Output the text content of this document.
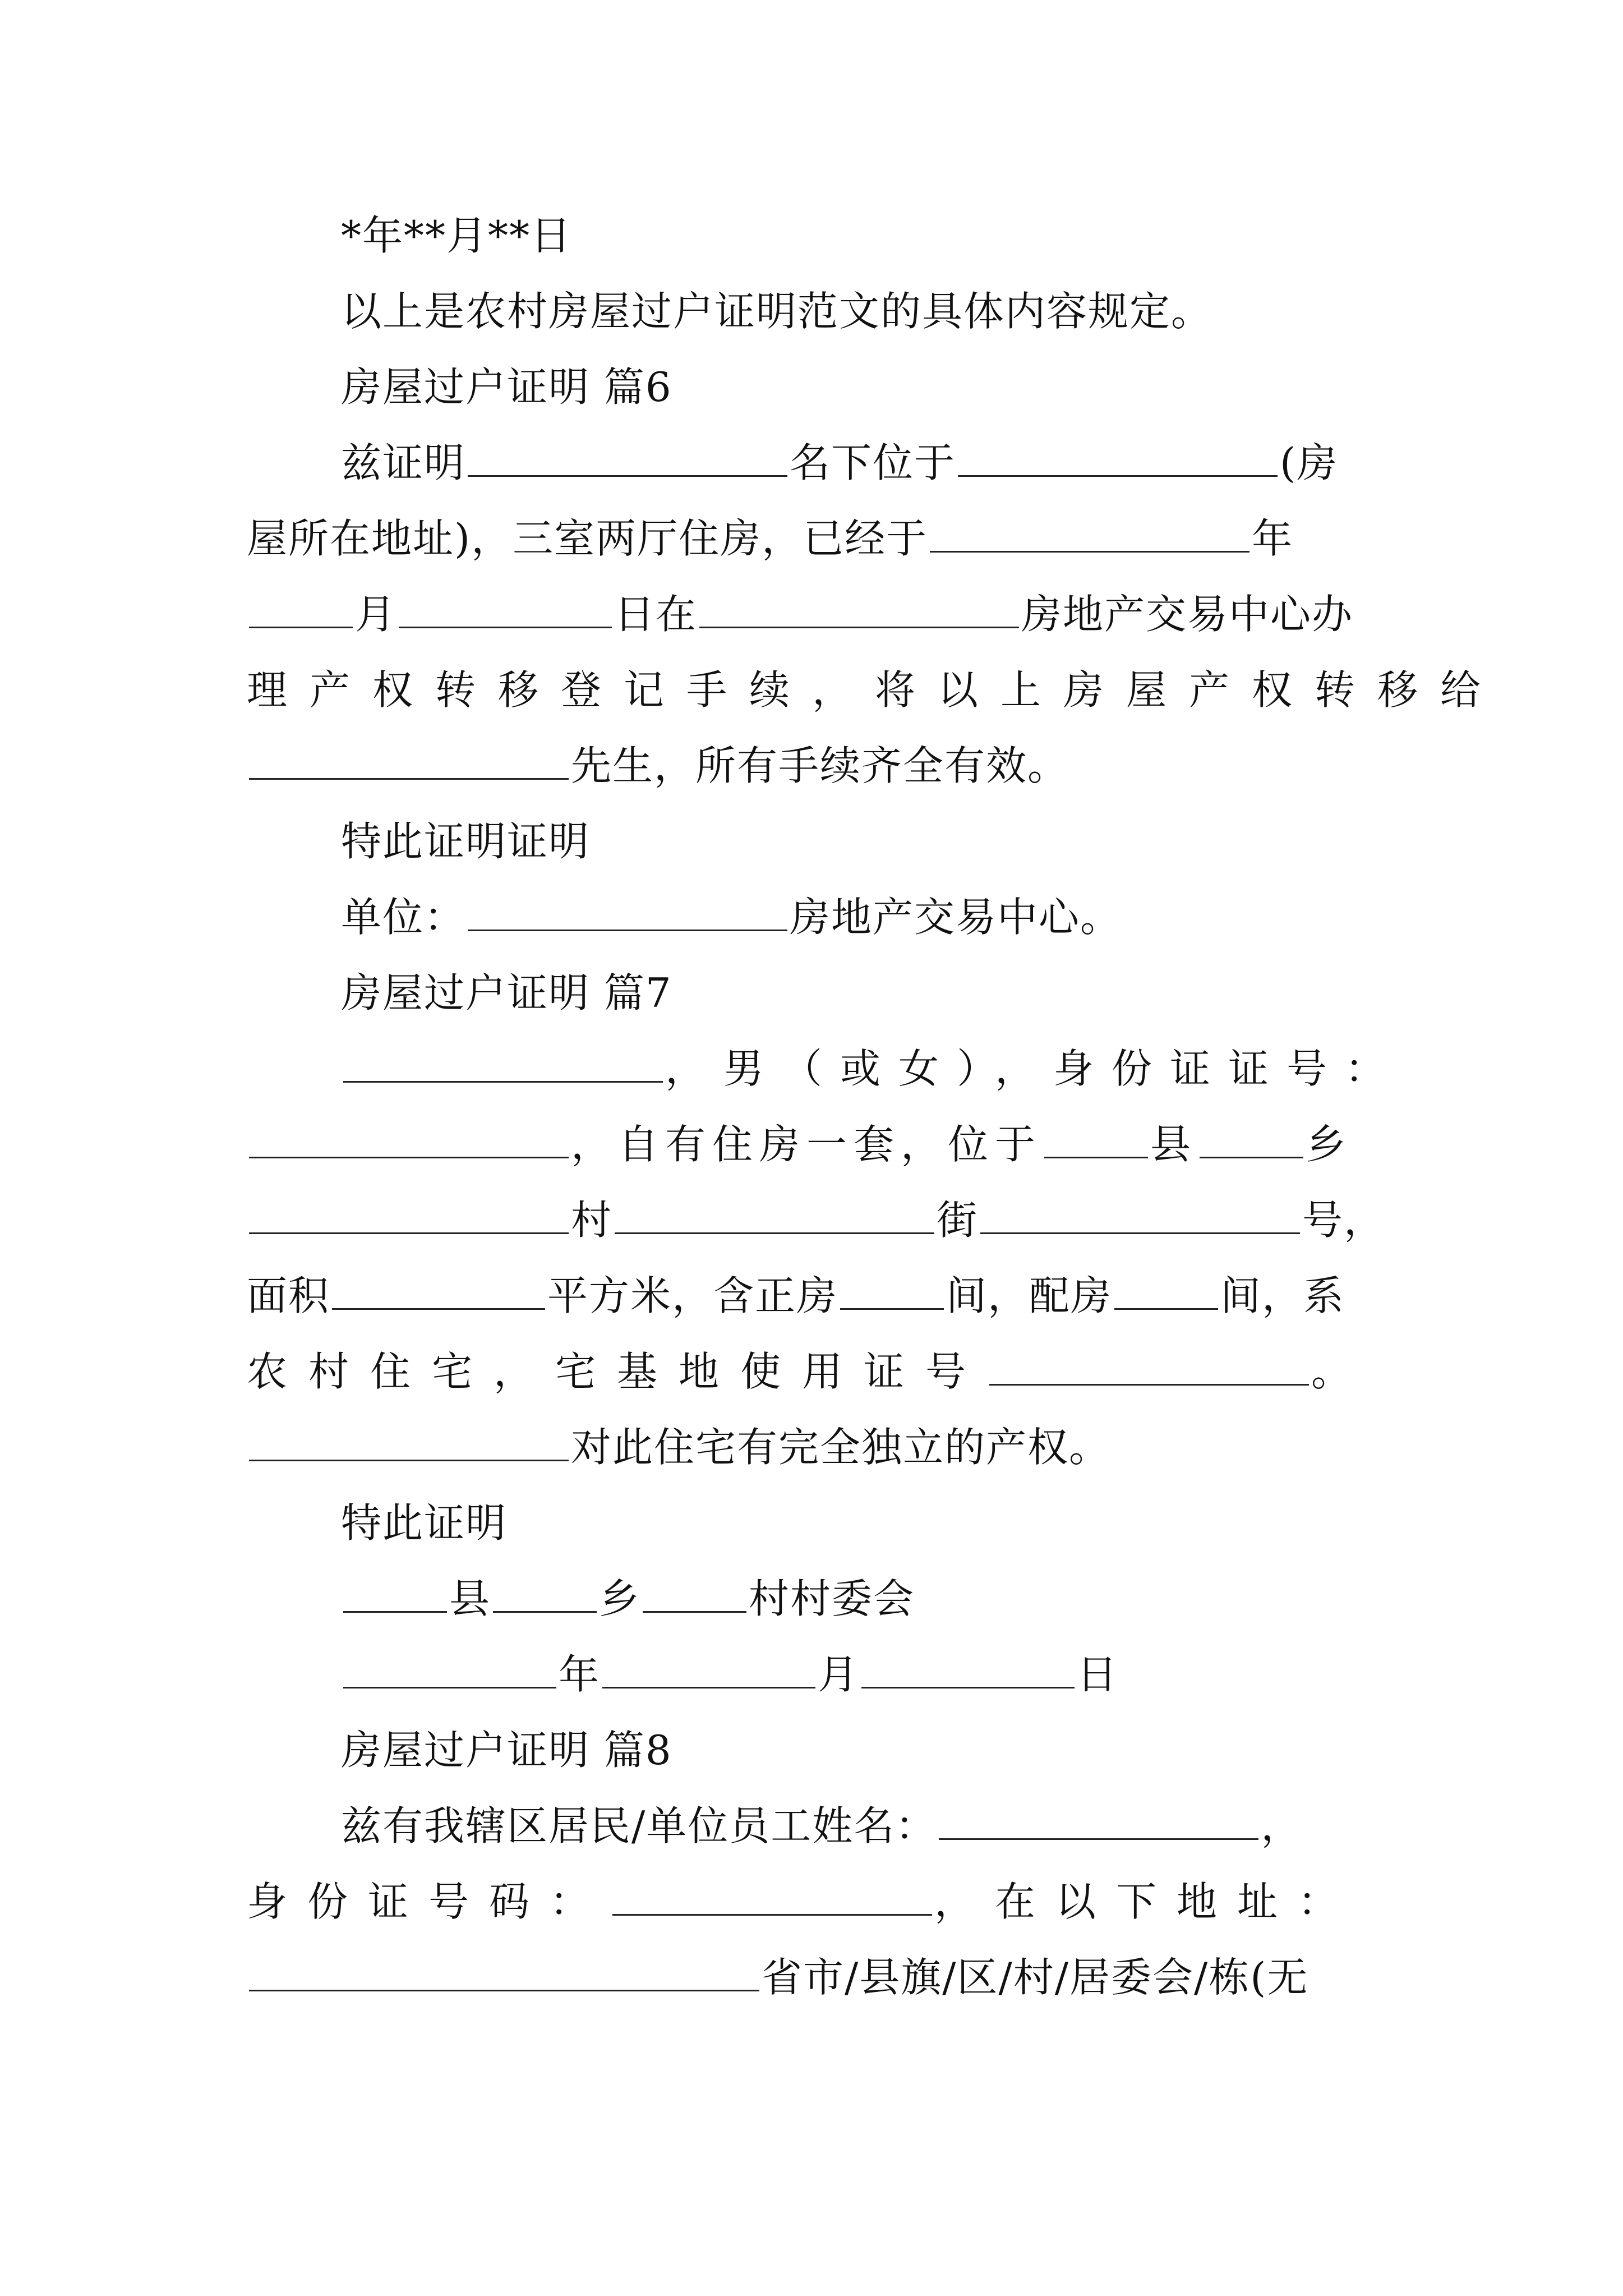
*年**月**日
以上是农村房屋过户证明范文的具体内容规定。
房屋过户证明 篇6
兹证明	名下位于	(房
屋所在地址)，三室两厅住房，已经于	年
月	日在	房地产交易中心办
理产权转移登记手续，将以上房屋产权转移给
先生，所有手续齐全有效。
特此证明证明
单位：	房地产交易中心。
房屋过户证明 篇7
，男（或女），身份证证号：
，自有住房一套，位于	县	乡
村	街	号，
面积	平方米，含正房	间，配房	间，系
农村住宅，宅基地使用证号	。
对此住宅有完全独立的产权。
特此证明
县	乡	村村委会
年	月	日
房屋过户证明 篇8
兹有我辖区居民/单位员工姓名：	，
身份证号码：	，在以下地址：
省市/县旗/区/村/居委会/栋(无
